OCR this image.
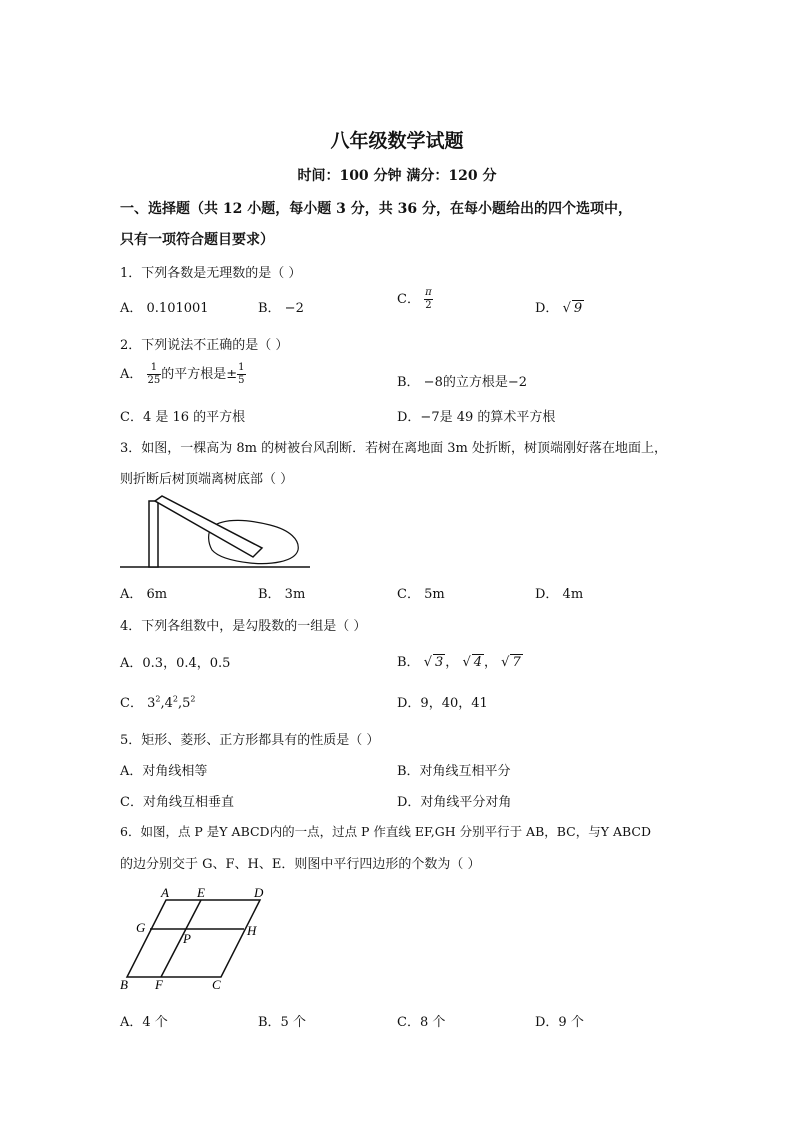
八年级数学试题
时间：100 分钟 满分：120 分
一、选择题（共 12 小题，每小题 3 分，共 36 分，在每小题给出的四个选项中，
只有一项符合题目要求）
1．下列各数是无理数的是（ ）
A． 0.101001	B． −2
C． $\frac{\pi}{2}$	D． √ 9
2．下列说法不正确的是（ ）
A． $\frac{1}{25}$ 的平方根是± $\frac{1}{5}$	B． −8的立方根是−2
C．4 是 16 的平方根	D．−7是 49 的算术平方根
3．如图，一棵高为 8m 的树被台风刮断．若树在离地面 3m 处折断，树顶端刚好落在地面上，
则折断后树顶端离树底部（ ）
A． 6m	B． 3m	C． 5m	D． 4m
4．下列各组数中，是勾股数的一组是（ ）
A．0.3，0.4，0.5	B． √ 3 ， √ 4 ， √ 7
C． $3^2,4^2,5^2$	D．9，40，41
5．矩形、菱形、正方形都具有的性质是（ ）
A．对角线相等	B．对角线互相平分
C．对角线互相垂直	D．对角线平分对角
6．如图，点 P 是Y ABCD内的一点，过点 P 作直线 EF,GH 分别平行于 AB，BC，与Y ABCD
的边分别交于 G、F、H、E．则图中平行四边形的个数为（ ）
A E	D
G
P
H
B F	C
A．4 个	B．5 个	C．8 个	D．9 个
